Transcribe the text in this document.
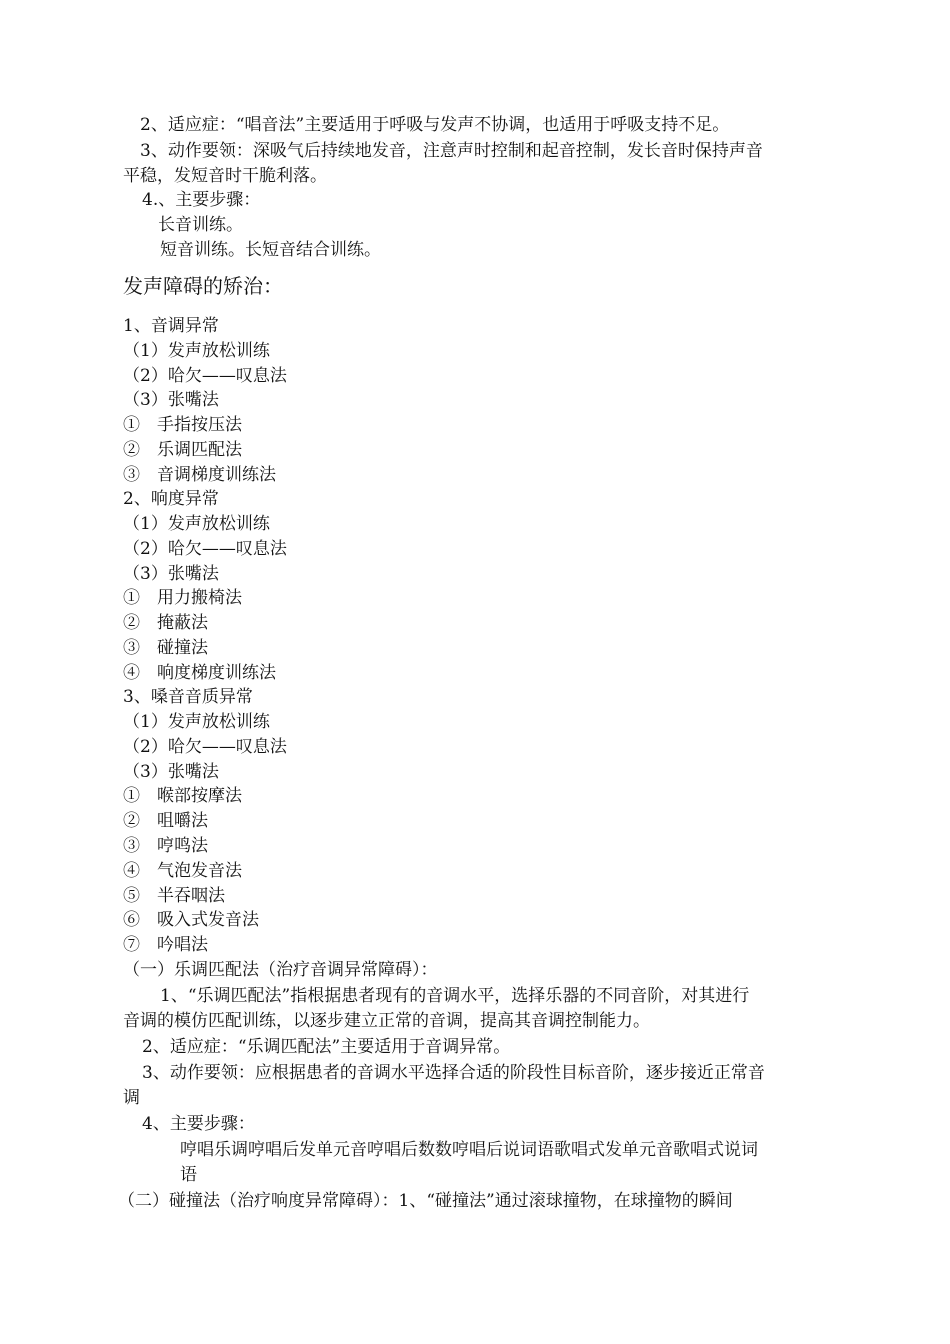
2、适应症：“唱音法”主要适用于呼吸与发声不协调，也适用于呼吸支持不足。
3、动作要领：深吸气后持续地发音，注意声时控制和起音控制，发长音时保持声音
平稳，发短音时干脆利落。
4.、主要步骤：
长音训练。
短音训练。长短音结合训练。
发声障碍的矫治：
1、音调异常
（1）发声放松训练
（2）哈欠——叹息法
（3）张嘴法
①　手指按压法
②　乐调匹配法
③　音调梯度训练法
2、响度异常
（1）发声放松训练
（2）哈欠——叹息法
（3）张嘴法
①　用力搬椅法
②　掩蔽法
③　碰撞法
④　响度梯度训练法
3、嗓音音质异常
（1）发声放松训练
（2）哈欠——叹息法
（3）张嘴法
①　喉部按摩法
②　咀嚼法
③　哼鸣法
④　气泡发音法
⑤　半吞咽法
⑥　吸入式发音法
⑦　吟唱法
（一）乐调匹配法（治疗音调异常障碍）：
1、“乐调匹配法”指根据患者现有的音调水平，选择乐器的不同音阶，对其进行
音调的模仿匹配训练，以逐步建立正常的音调，提高其音调控制能力。
2、适应症：“乐调匹配法”主要适用于音调异常。
3、动作要领：应根据患者的音调水平选择合适的阶段性目标音阶，逐步接近正常音
调
4、主要步骤：
哼唱乐调哼唱后发单元音哼唱后数数哼唱后说词语歌唱式发单元音歌唱式说词
语
（二）碰撞法（治疗响度异常障碍）：1、“碰撞法”通过滚球撞物，在球撞物的瞬间
